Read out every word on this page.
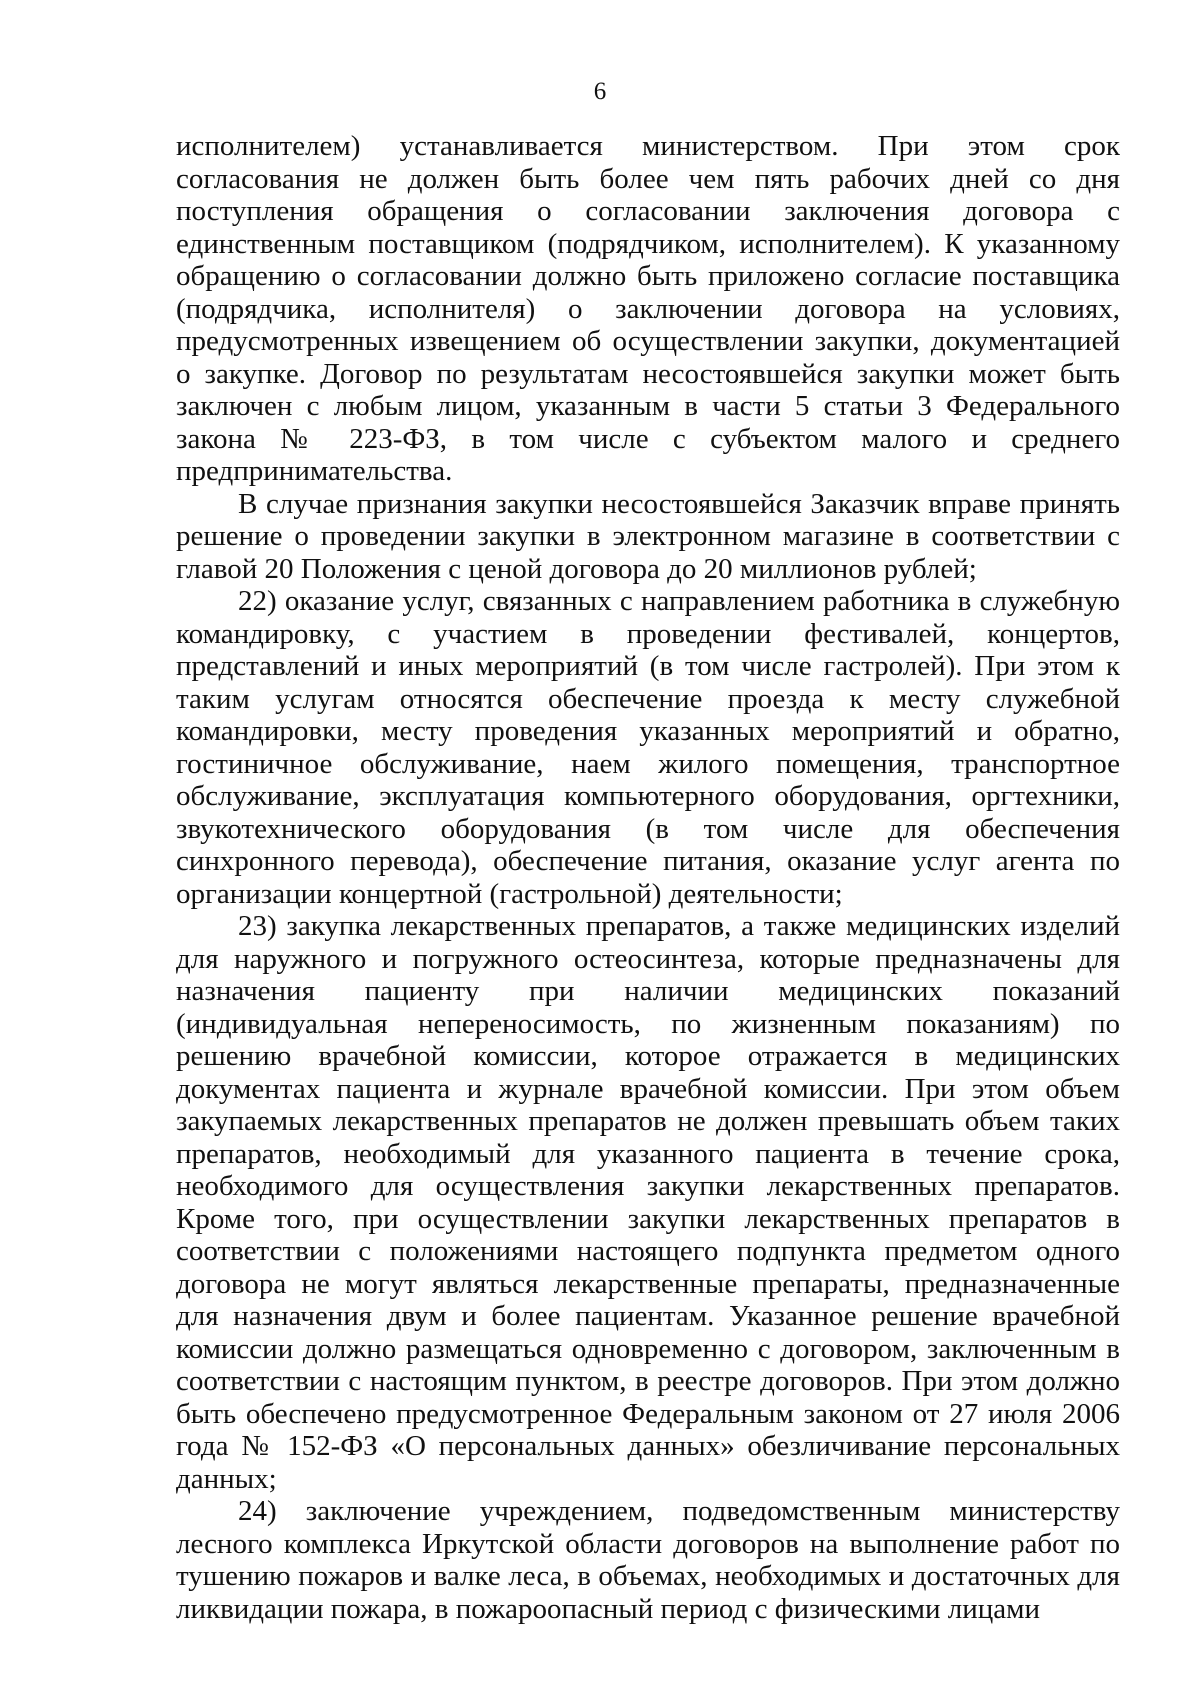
6

исполнителем) устанавливается министерством. При этом срок согласования не должен быть более чем пять рабочих дней со дня поступления обращения о согласовании заключения договора с единственным поставщиком (подрядчиком, исполнителем). К указанному обращению о согласовании должно быть приложено согласие поставщика (подрядчика, исполнителя) о заключении договора на условиях, предусмотренных извещением об осуществлении закупки, документацией о закупке. Договор по результатам несостоявшейся закупки может быть заключен с любым лицом, указанным в части 5 статьи 3 Федерального закона № 223-ФЗ, в том числе с субъектом малого и среднего предпринимательства.

В случае признания закупки несостоявшейся Заказчик вправе принять решение о проведении закупки в электронном магазине в соответствии с главой 20 Положения с ценой договора до 20 миллионов рублей;

22) оказание услуг, связанных с направлением работника в служебную командировку, с участием в проведении фестивалей, концертов, представлений и иных мероприятий (в том числе гастролей). При этом к таким услугам относятся обеспечение проезда к месту служебной командировки, месту проведения указанных мероприятий и обратно, гостиничное обслуживание, наем жилого помещения, транспортное обслуживание, эксплуатация компьютерного оборудования, оргтехники, звукотехнического оборудования (в том числе для обеспечения синхронного перевода), обеспечение питания, оказание услуг агента по организации концертной (гастрольной) деятельности;

23) закупка лекарственных препаратов, а также медицинских изделий для наружного и погружного остеосинтеза, которые предназначены для назначения пациенту при наличии медицинских показаний (индивидуальная непереносимость, по жизненным показаниям) по решению врачебной комиссии, которое отражается в медицинских документах пациента и журнале врачебной комиссии. При этом объем закупаемых лекарственных препаратов не должен превышать объем таких препаратов, необходимый для указанного пациента в течение срока, необходимого для осуществления закупки лекарственных препаратов. Кроме того, при осуществлении закупки лекарственных препаратов в соответствии с положениями настоящего подпункта предметом одного договора не могут являться лекарственные препараты, предназначенные для назначения двум и более пациентам. Указанное решение врачебной комиссии должно размещаться одновременно с договором, заключенным в соответствии с настоящим пунктом, в реестре договоров. При этом должно быть обеспечено предусмотренное Федеральным законом от 27 июля 2006 года № 152-ФЗ «О персональных данных» обезличивание персональных данных;

24) заключение учреждением, подведомственным министерству лесного комплекса Иркутской области договоров на выполнение работ по тушению пожаров и валке леса, в объемах, необходимых и достаточных для ликвидации пожара, в пожароопасный период с физическими лицами
